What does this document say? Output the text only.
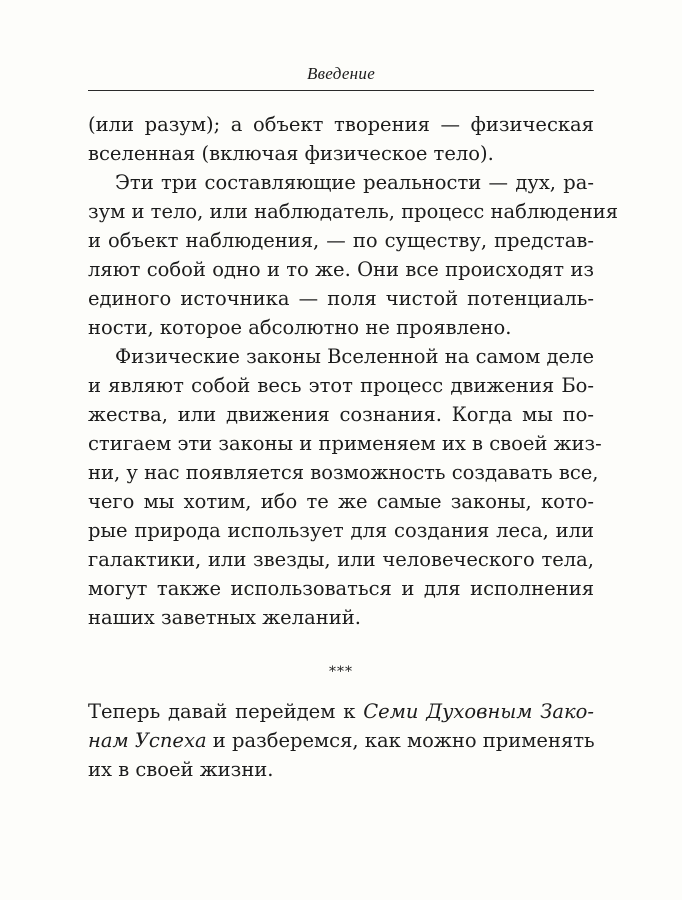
Введение
(или разум); а объект творения — физическая
вселенная (включая физическое тело).
Эти три составляющие реальности — дух, ра-
зум и тело, или наблюдатель, процесс наблюдения
и объект наблюдения, — по существу, представ-
ляют собой одно и то же. Они все происходят из
единого источника — поля чистой потенциаль-
ности, которое абсолютно не проявлено.
Физические законы Вселенной на самом деле
и являют собой весь этот процесс движения Бо-
жества, или движения сознания. Когда мы по-
стигаем эти законы и применяем их в своей жиз-
ни, у нас появляется возможность создавать все,
чего мы хотим, ибо те же самые законы, кото-
рые природа использует для создания леса, или
галактики, или звезды, или человеческого тела,
могут также использоваться и для исполнения
наших заветных желаний.
***
Теперь давай перейдем к Семи Духовным Зако-
нам Успеха и разберемся, как можно применять
их в своей жизни.
